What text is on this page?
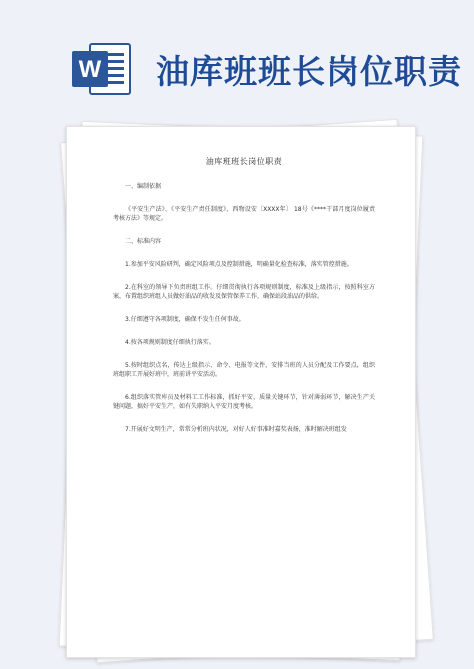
W 油库班班长岗位职责
油库班班长岗位职责
一、编制依据

《平安生产法》、《平安生产责任制度》，西物设安〔XXXX年〕 18号《****干部月度岗位履责考核方法》等规定。

二、标准内容

1.参加平安风险研判，确定风险项点及控制措施，明确量化检查标准，落实管控措施。

2.在科室的领导下负责班组工作。仔细贯彻执行各项规则制度，标准及上级指示，按照科室方案，布置组织班组人员做好油品的收发及保管保养工作，确保站段油品的供给。

3.仔细遵守各项制度，确保不发生任何事故。

4.按各项规则制度仔细执行落实。

5.按时组织点名，传达上级指示、命令、电报等文件，安排当班的人员分配及工作要点，组织班组职工开展好班中，班前讲平安活动。

6.组织落实管库员及材料工工作标准，抓好平安、质量关键环节，针对薄弱环节，解决生产关键问题，搞好平安生产，如有失职纳入平安月度考核。

7.开展好文明生产，常常分析班内状况，对好人好事准时嘉奖表扬，准时解决班组发
